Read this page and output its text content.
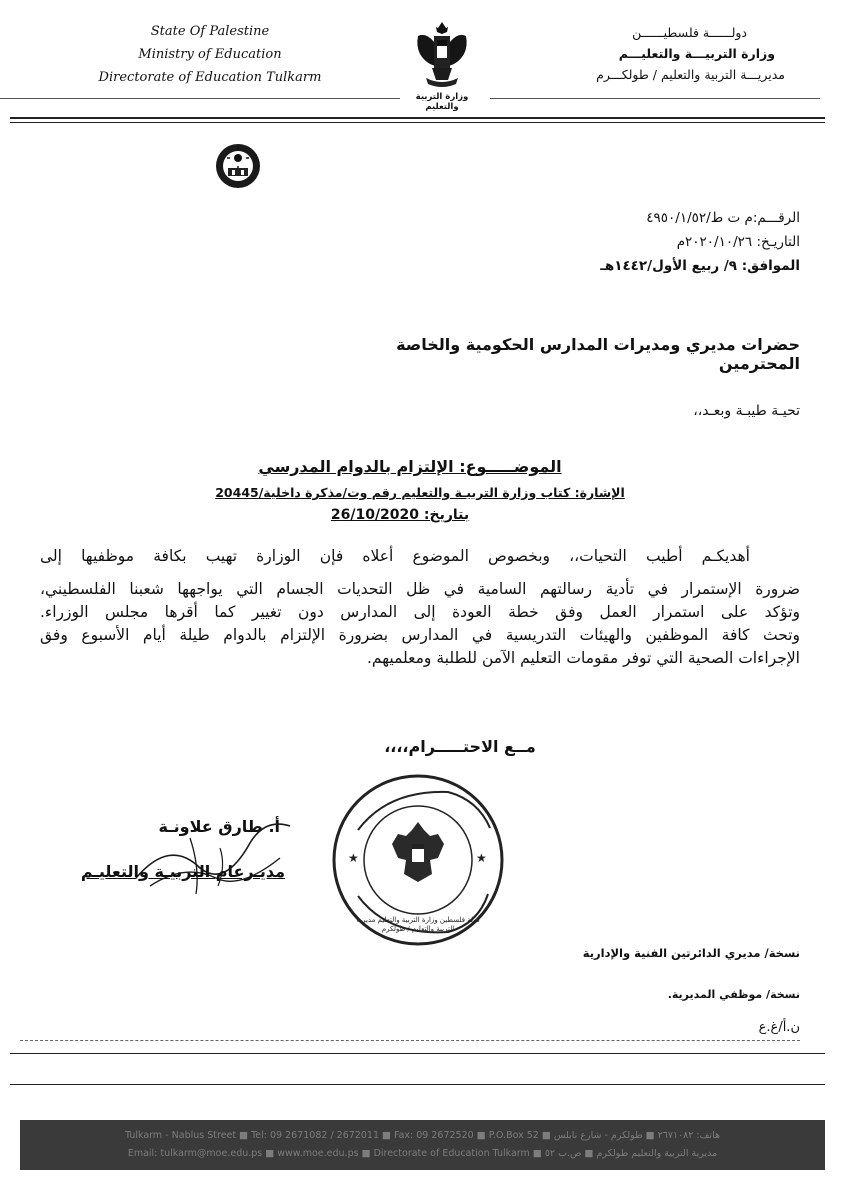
State Of Palestine
Ministry of Education
Directorate of Education Tulkarm
وزارة التربية والتعليم
دولــــــة فلسطيــــــن
وزارة التربيـــة والتعليـــم
مديريـــة التربية والتعليم / طولكـــرم
الرقـــم:م ت ط/٤٩٥٠/١/٥٢
التاريـخ: ٢٠٢٠/١٠/٢٦م
الموافق: ٩/ ربيع الأول/١٤٤٢هـ
حضرات مديري ومديرات المدارس الحكومية والخاصة المحترمين
تحيـة طيبـة وبعـد،،
الموضـــــوع: الإلتزام بالدوام المدرسي
الإشارة: كتاب وزارة التربيـة والتعليم رقم وت/مذكرة داخلية/20445
بتاريخ: 26/10/2020
أهديكـم أطيب التحيات،، وبخصوص الموضوع أعلاه فإن الوزارة تهيب بكافة موظفيها إلى
ضرورة الإستمرار في تأدية رسالتهم السامية في ظل التحديات الجسام التي يواجهها شعبنا الفلسطيني،
وتؤكد على استمرار العمل وفق خطة العودة إلى المدارس دون تغيير كما أقرها مجلس الوزراء.
وتحث كافة الموظفين والهيئات التدريسية في المدارس بضرورة الإلتزام بالدوام طيلة أيام الأسبوع وفق
الإجراءات الصحية التي توفر مقومات التعليم الآمن للطلبة ومعلميهم.
مــع الاحتـــــرام،،،،
★	★
دولة فلسطين وزارة التربية والتعليم مديرية التربية والتعليم / طولكرم
أ. طارق علاونـة
مديـرعام التربيـة والتعليـم
نسخة/ مديري الدائرتين الفنية والإدارية
نسخة/ موظفي المديرية.
ن.أ/غ.ع
Tulkarm - Nablus Street ■ Tel: 09 2671082 / 2672011 ■ Fax: 09 2672520 ■ P.O.Box 52 ■ هاتف: ٢٦٧١٠٨٢ ■ طولكرم - شارع نابلس
Email: tulkarm@moe.edu.ps ■ www.moe.edu.ps ■ Directorate of Education Tulkarm ■ مديرية التربية والتعليم طولكرم ■ ص.ب ٥٢
